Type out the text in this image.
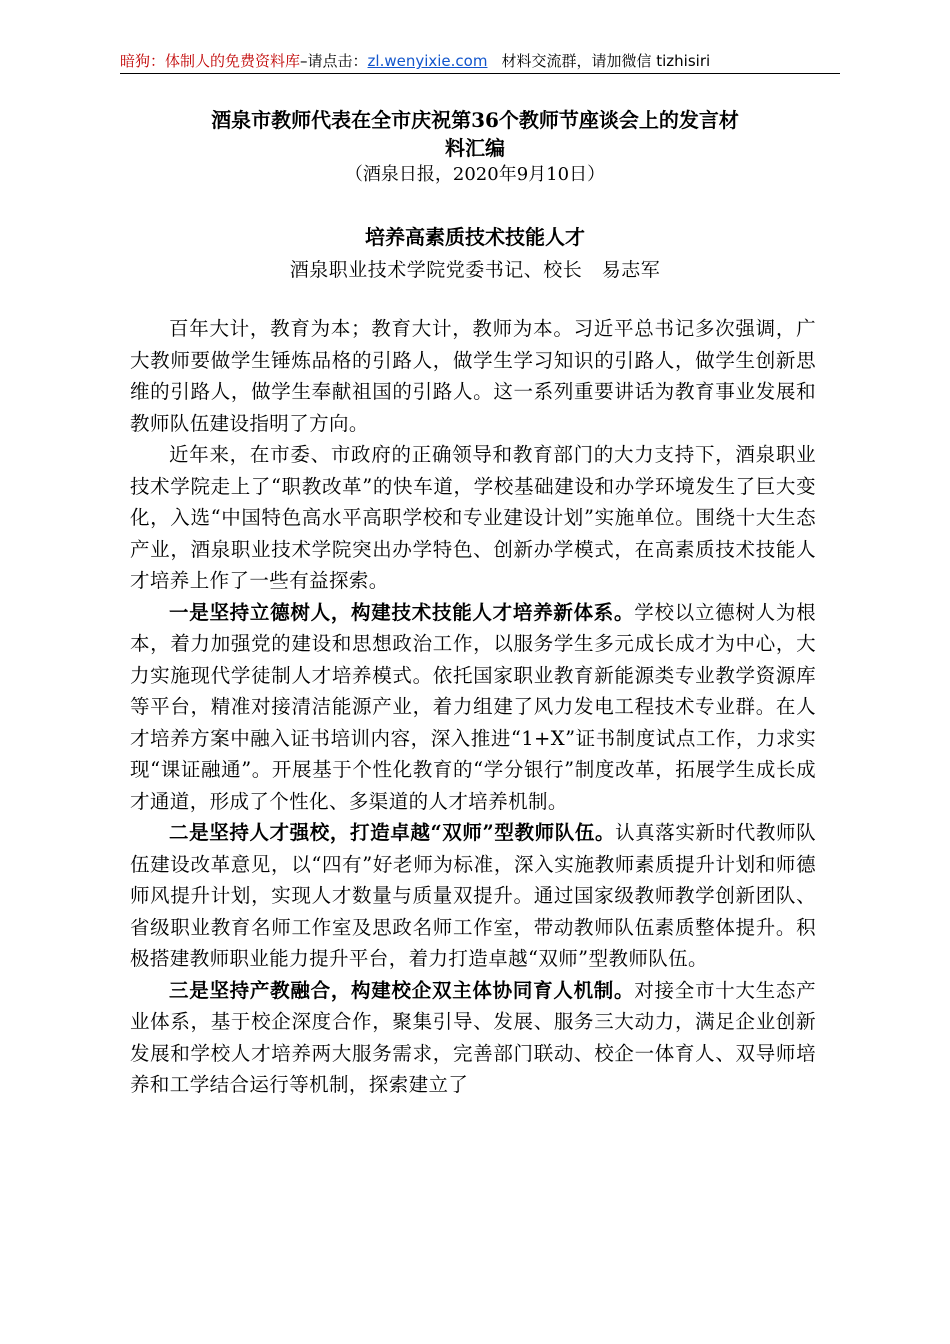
暗狗：体制人的免费资料库–请点击：zl.wenyixie.com 材料交流群，请加微信 tizhisiri
酒泉市教师代表在全市庆祝第36个教师节座谈会上的发言材
料汇编
（酒泉日报，2020年9月10日）
培养高素质技术技能人才
酒泉职业技术学院党委书记、校长　易志军

百年大计，教育为本；教育大计，教师为本。习近平总书记多次强调，广大教师要做学生锤炼品格的引路人，做学生学习知识的引路人，做学生创新思维的引路人，做学生奉献祖国的引路人。这一系列重要讲话为教育事业发展和教师队伍建设指明了方向。

近年来，在市委、市政府的正确领导和教育部门的大力支持下，酒泉职业技术学院走上了“职教改革”的快车道，学校基础建设和办学环境发生了巨大变化，入选“中国特色高水平高职学校和专业建设计划”实施单位。围绕十大生态产业，酒泉职业技术学院突出办学特色、创新办学模式，在高素质技术技能人才培养上作了一些有益探索。

一是坚持立德树人，构建技术技能人才培养新体系。学校以立德树人为根　本，着力加强党的建设和思想政治工作，以服务学生多元成长成才为中心，大力实施现代学徒制人才培养模式。依托国家职业教育新能源类专业教学资源库等平台，精准对接清洁能源产业，着力组建了风力发电工程技术专业群。在人才培养方案中融入证书培训内容，深入推进“1+X”证书制度试点工作，力求实现“课证融通”。开展基于个性化教育的“学分银行”制度改革，拓展学生成长成才通道，形成了个性化、多渠道的人才培养机制。

二是坚持人才强校，打造卓越“双师”型教师队伍。认真落实新时代教师队伍建设改革意见，以“四有”好老师为标准，深入实施教师素质提升计划和师德师风提升计划，实现人才数量与质量双提升。通过国家级教师教学创新团队、省级职业教育名师工作室及思政名师工作室，带动教师队伍素质整体提升。积极搭建教师职业能力提升平台，着力打造卓越“双师”型教师队伍。

三是坚持产教融合，构建校企双主体协同育人机制。对接全市十大生态产　业体系，基于校企深度合作，聚集引导、发展、服务三大动力，满足企业创新发展和学校人才培养两大服务需求，完善部门联动、校企一体育人、双导师培养和工学结合运行等机制，探索建立了
